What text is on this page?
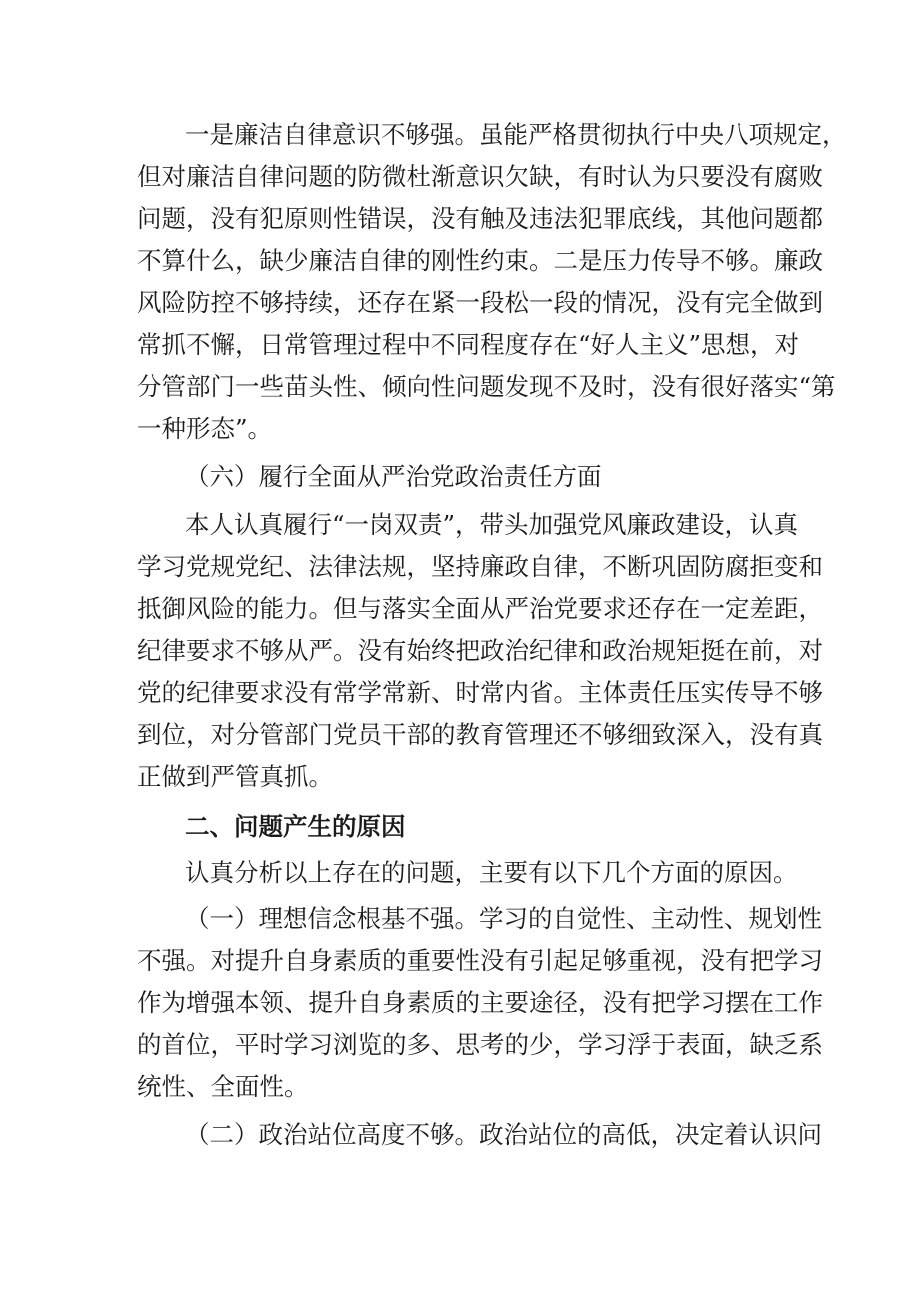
一是廉洁自律意识不够强。虽能严格贯彻执行中央八项规定，
但对廉洁自律问题的防微杜渐意识欠缺，有时认为只要没有腐败
问题，没有犯原则性错误，没有触及违法犯罪底线，其他问题都
不算什么，缺少廉洁自律的刚性约束。二是压力传导不够。廉政
风险防控不够持续，还存在紧一段松一段的情况，没有完全做到
常抓不懈，日常管理过程中不同程度存在“好人主义”思想，对
分管部门一些苗头性、倾向性问题发现不及时，没有很好落实“第
一种形态”。
（六）履行全面从严治党政治责任方面
本人认真履行“一岗双责”，带头加强党风廉政建设，认真
学习党规党纪、法律法规，坚持廉政自律，不断巩固防腐拒变和
抵御风险的能力。但与落实全面从严治党要求还存在一定差距，
纪律要求不够从严。没有始终把政治纪律和政治规矩挺在前，对
党的纪律要求没有常学常新、时常内省。主体责任压实传导不够
到位，对分管部门党员干部的教育管理还不够细致深入，没有真
正做到严管真抓。
二、问题产生的原因
认真分析以上存在的问题，主要有以下几个方面的原因。
（一）理想信念根基不强。学习的自觉性、主动性、规划性
不强。对提升自身素质的重要性没有引起足够重视，没有把学习
作为增强本领、提升自身素质的主要途径，没有把学习摆在工作
的首位，平时学习浏览的多、思考的少，学习浮于表面，缺乏系
统性、全面性。
（二）政治站位高度不够。政治站位的高低，决定着认识问
